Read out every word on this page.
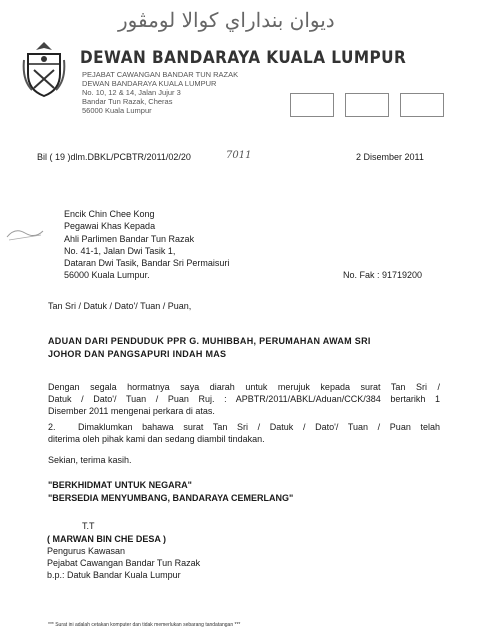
ديوان بنداراي كوالا لومڤور
DEWAN BANDARAYA KUALA LUMPUR
PEJABAT CAWANGAN BANDAR TUN RAZAK
DEWAN BANDARAYA KUALA LUMPUR
No. 10, 12 & 14, Jalan Jujur 3
Bandar Tun Razak, Cheras
56000 Kuala Lumpur
Bil ( 19 )dlm.DBKL/PCBTR/2011/02/20	7011	2 Disember 2011
Encik Chin Chee Kong
Pegawai Khas Kepada
Ahli Parlimen Bandar Tun Razak
No. 41-1, Jalan Dwi Tasik 1,
Dataran Dwi Tasik, Bandar Sri Permaisuri
56000 Kuala Lumpur.	No. Fak : 91719200
Tan Sri / Datuk / Dato'/ Tuan / Puan,
ADUAN DARI PENDUDUK PPR G. MUHIBBAH, PERUMAHAN AWAM SRI
JOHOR DAN PANGSAPURI INDAH MAS
Dengan segala hormatnya saya diarah untuk merujuk kepada surat Tan Sri /
Datuk / Dato'/ Tuan / Puan Ruj. : APBTR/2011/ABKL/Aduan/CCK/384 bertarikh 1
Disember 2011 mengenai perkara di atas.
2. Dimaklumkan bahawa surat Tan Sri / Datuk / Dato'/ Tuan / Puan telah
diterima oleh pihak kami dan sedang diambil tindakan.
Sekian, terima kasih.
"BERKHIDMAT UNTUK NEGARA"
"BERSEDIA MENYUMBANG, BANDARAYA CEMERLANG"
T.T
( MARWAN BIN CHE DESA )
Pengurus Kawasan
Pejabat Cawangan Bandar Tun Razak
b.p.: Datuk Bandar Kuala Lumpur
*** Surat ini adalah cetakan komputer dan tidak memerlukan sebarang tandatangan ***
